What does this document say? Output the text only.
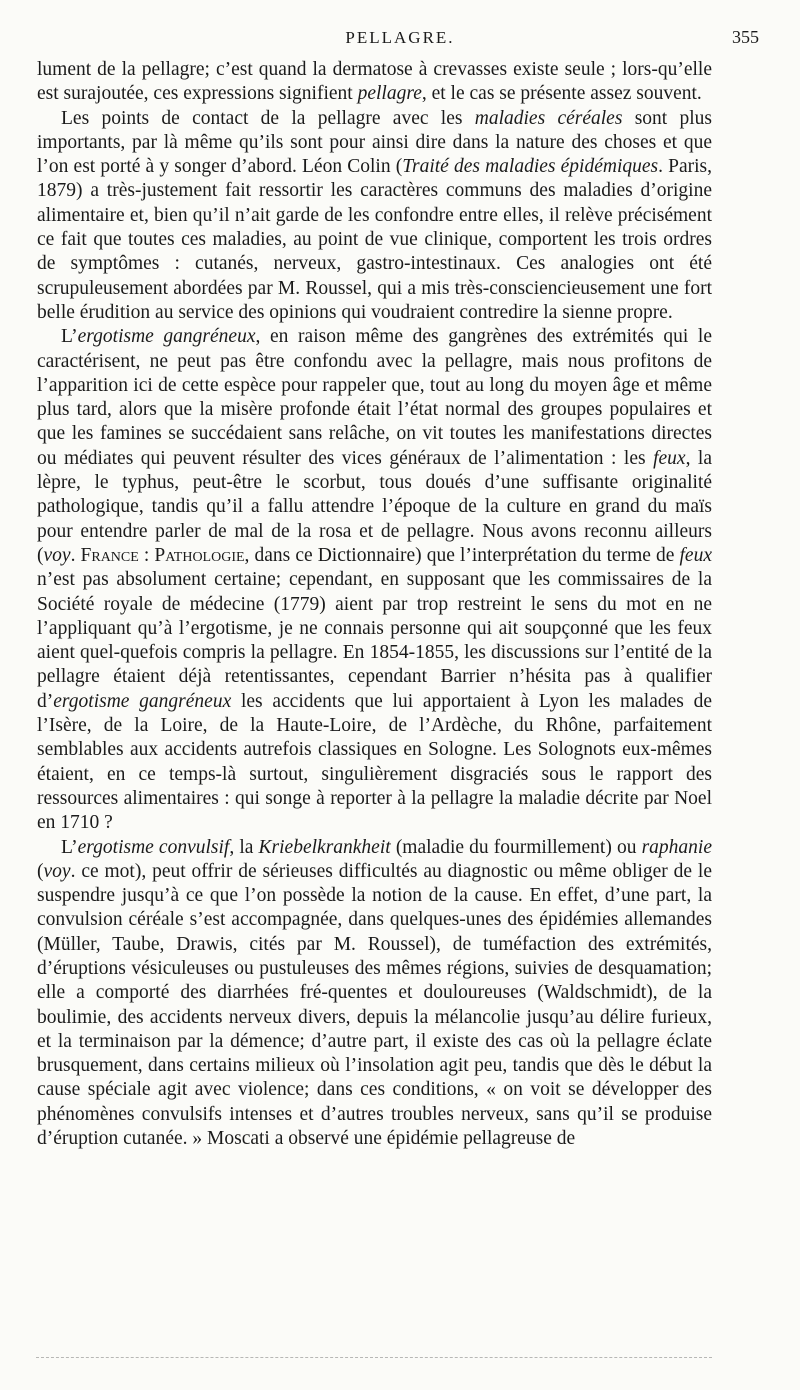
PELLAGRE.	355

lument de la pellagre; c’est quand la dermatose à crevasses existe seule ; lors-qu’elle est surajoutée, ces expressions signifient pellagre, et le cas se présente assez souvent.

Les points de contact de la pellagre avec les maladies céréales sont plus importants, par là même qu’ils sont pour ainsi dire dans la nature des choses et que l’on est porté à y songer d’abord. Léon Colin (Traité des maladies épidémiques. Paris, 1879) a très-justement fait ressortir les caractères communs des maladies d’origine alimentaire et, bien qu’il n’ait garde de les confondre entre elles, il relève précisément ce fait que toutes ces maladies, au point de vue clinique, comportent les trois ordres de symptômes : cutanés, nerveux, gastro-intestinaux. Ces analogies ont été scrupuleusement abordées par M. Roussel, qui a mis très-consciencieusement une fort belle érudition au service des opinions qui voudraient contredire la sienne propre.

L’ergotisme gangréneux, en raison même des gangrènes des extrémités qui le caractérisent, ne peut pas être confondu avec la pellagre, mais nous profitons de l’apparition ici de cette espèce pour rappeler que, tout au long du moyen âge et même plus tard, alors que la misère profonde était l’état normal des groupes populaires et que les famines se succédaient sans relâche, on vit toutes les manifestations directes ou médiates qui peuvent résulter des vices généraux de l’alimentation : les feux, la lèpre, le typhus, peut-être le scorbut, tous doués d’une suffisante originalité pathologique, tandis qu’il a fallu attendre l’époque de la culture en grand du maïs pour entendre parler de mal de la rosa et de pellagre. Nous avons reconnu ailleurs (voy. France : Pathologie, dans ce Dictionnaire) que l’interprétation du terme de feux n’est pas absolument certaine; cependant, en supposant que les commissaires de la Société royale de médecine (1779) aient par trop restreint le sens du mot en ne l’appliquant qu’à l’ergotisme, je ne connais personne qui ait soupçonné que les feux aient quel-quefois compris la pellagre. En 1854-1855, les discussions sur l’entité de la pellagre étaient déjà retentissantes, cependant Barrier n’hésita pas à qualifier d’ergotisme gangréneux les accidents que lui apportaient à Lyon les malades de l’Isère, de la Loire, de la Haute-Loire, de l’Ardèche, du Rhône, parfaitement semblables aux accidents autrefois classiques en Sologne. Les Solognots eux-mêmes étaient, en ce temps-là surtout, singulièrement disgraciés sous le rapport des ressources alimentaires : qui songe à reporter à la pellagre la maladie décrite par Noel en 1710 ?

L’ergotisme convulsif, la Kriebelkrankheit (maladie du fourmillement) ou raphanie (voy. ce mot), peut offrir de sérieuses difficultés au diagnostic ou même obliger de le suspendre jusqu’à ce que l’on possède la notion de la cause. En effet, d’une part, la convulsion céréale s’est accompagnée, dans quelques-unes des épidémies allemandes (Müller, Taube, Drawis, cités par M. Roussel), de tuméfaction des extrémités, d’éruptions vésiculeuses ou pustuleuses des mêmes régions, suivies de desquamation; elle a comporté des diarrhées fré-quentes et douloureuses (Waldschmidt), de la boulimie, des accidents nerveux divers, depuis la mélancolie jusqu’au délire furieux, et la terminaison par la démence; d’autre part, il existe des cas où la pellagre éclate brusquement, dans certains milieux où l’insolation agit peu, tandis que dès le début la cause spéciale agit avec violence; dans ces conditions, « on voit se développer des phénomènes convulsifs intenses et d’autres troubles nerveux, sans qu’il se produise d’éruption cutanée. » Moscati a observé une épidémie pellagreuse de
